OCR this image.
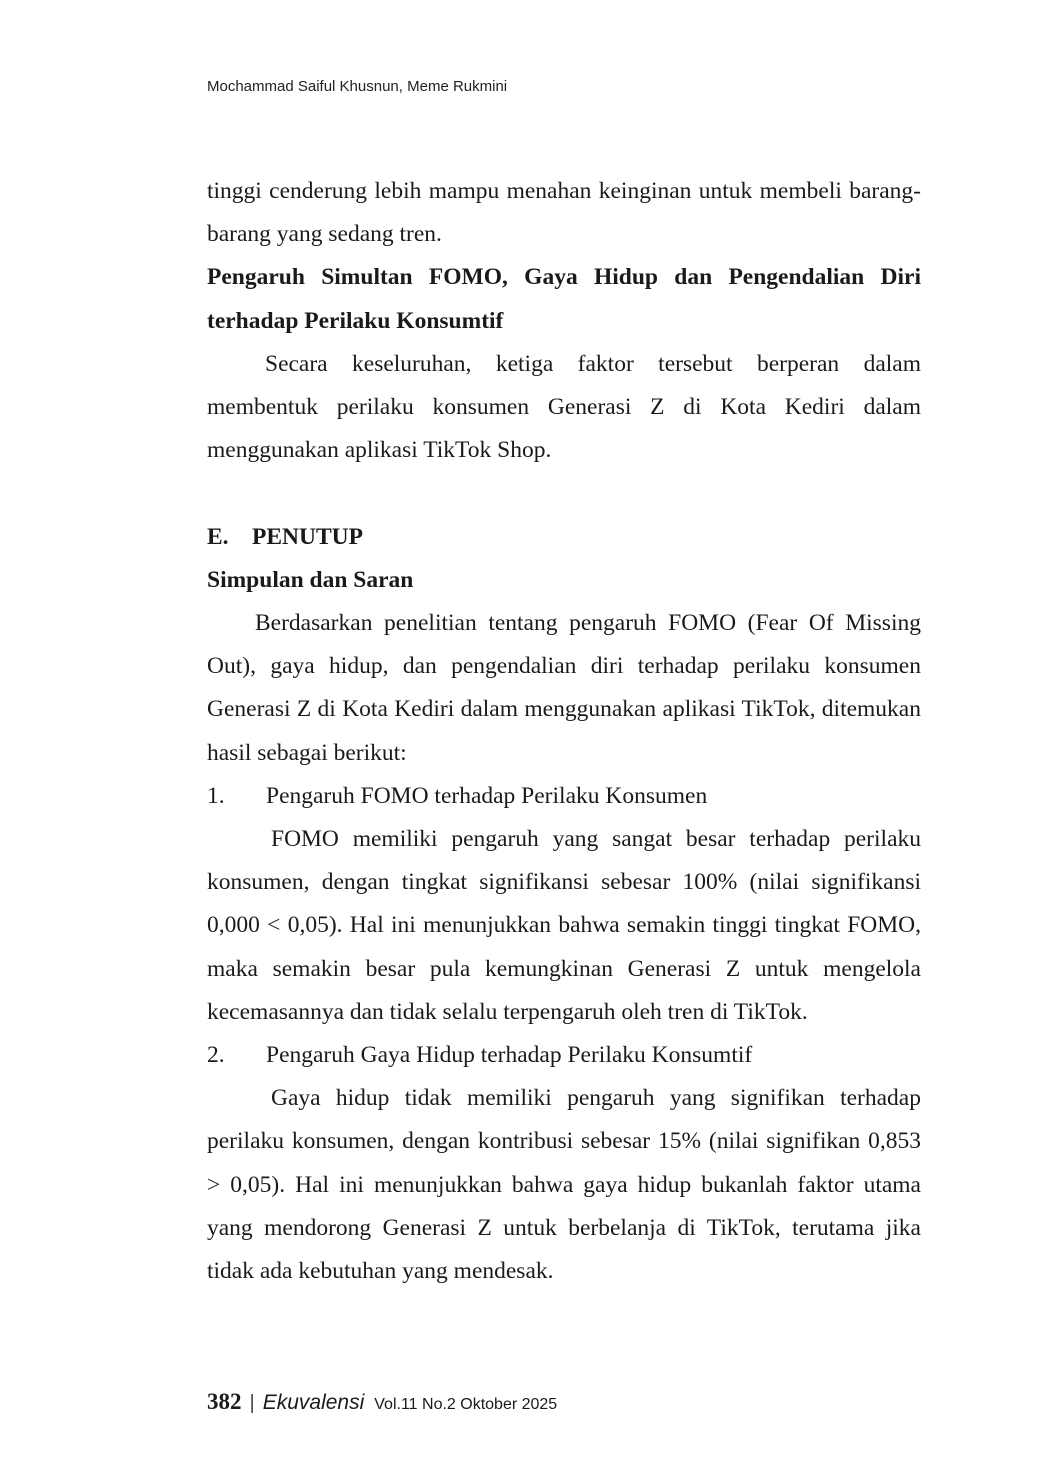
Mochammad Saiful Khusnun, Meme Rukmini

tinggi cenderung lebih mampu menahan keinginan untuk membeli barang-barang yang sedang tren.

Pengaruh Simultan FOMO, Gaya Hidup dan Pengendalian Diri terhadap Perilaku Konsumtif

Secara keseluruhan, ketiga faktor tersebut berperan dalam membentuk perilaku konsumen Generasi Z di Kota Kediri dalam menggunakan aplikasi TikTok Shop.

E. PENUTUP

Simpulan dan Saran

Berdasarkan penelitian tentang pengaruh FOMO (Fear Of Missing Out), gaya hidup, dan pengendalian diri terhadap perilaku konsumen Generasi Z di Kota Kediri dalam menggunakan aplikasi TikTok, ditemukan hasil sebagai berikut:

1.	Pengaruh FOMO terhadap Perilaku Konsumen

FOMO memiliki pengaruh yang sangat besar terhadap perilaku konsumen, dengan tingkat signifikansi sebesar 100% (nilai signifikansi 0,000 < 0,05). Hal ini menunjukkan bahwa semakin tinggi tingkat FOMO, maka semakin besar pula kemungkinan Generasi Z untuk mengelola kecemasannya dan tidak selalu terpengaruh oleh tren di TikTok.

2.	Pengaruh Gaya Hidup terhadap Perilaku Konsumtif

Gaya hidup tidak memiliki pengaruh yang signifikan terhadap perilaku konsumen, dengan kontribusi sebesar 15% (nilai signifikan 0,853 > 0,05). Hal ini menunjukkan bahwa gaya hidup bukanlah faktor utama yang mendorong Generasi Z untuk berbelanja di TikTok, terutama jika tidak ada kebutuhan yang mendesak.

382 | Ekuvalensi Vol.11 No.2 Oktober 2025
